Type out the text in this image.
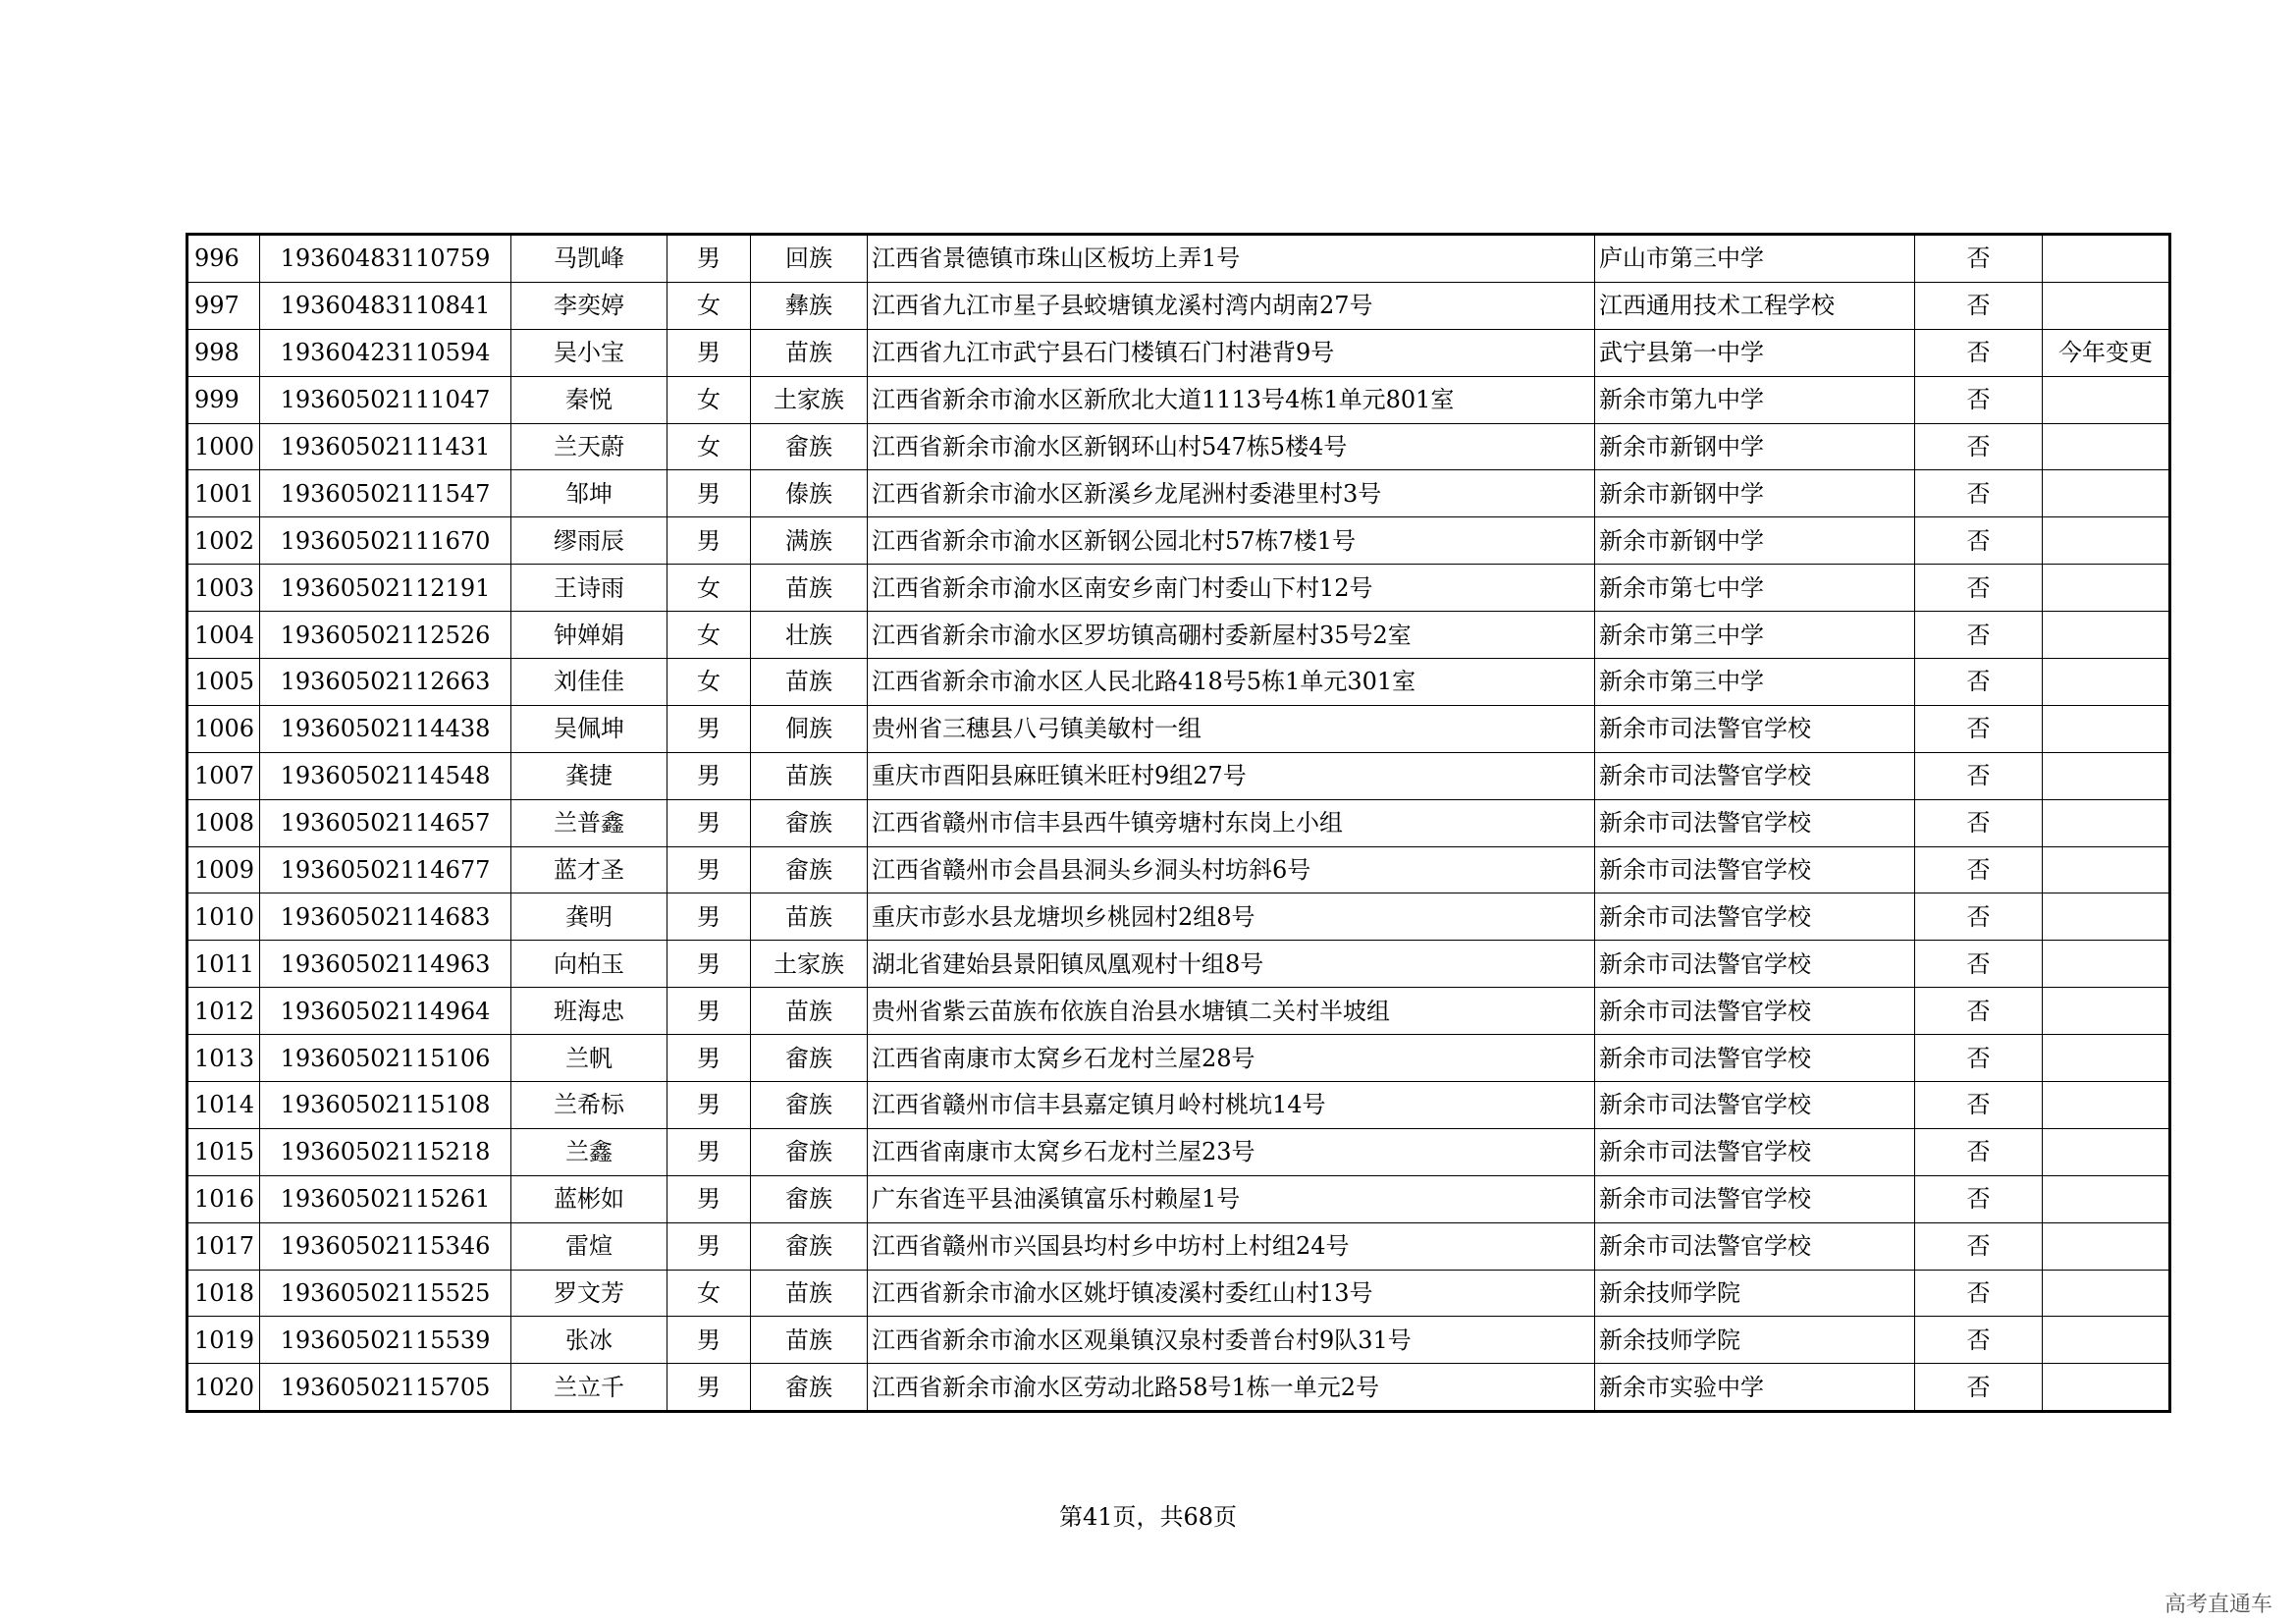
996	19360483110759	马凯峰	男	回族	江西省景德镇市珠山区板坊上弄1号	庐山市第三中学	否	
997	19360483110841	李奕婷	女	彝族	江西省九江市星子县蛟塘镇龙溪村湾内胡南27号	江西通用技术工程学校	否	
998	19360423110594	吴小宝	男	苗族	江西省九江市武宁县石门楼镇石门村港背9号	武宁县第一中学	否	今年变更
999	19360502111047	秦悦	女	土家族	江西省新余市渝水区新欣北大道1113号4栋1单元801室	新余市第九中学	否	
1000	19360502111431	兰天蔚	女	畲族	江西省新余市渝水区新钢环山村547栋5楼4号	新余市新钢中学	否	
1001	19360502111547	邹坤	男	傣族	江西省新余市渝水区新溪乡龙尾洲村委港里村3号	新余市新钢中学	否	
1002	19360502111670	缪雨辰	男	满族	江西省新余市渝水区新钢公园北村57栋7楼1号	新余市新钢中学	否	
1003	19360502112191	王诗雨	女	苗族	江西省新余市渝水区南安乡南门村委山下村12号	新余市第七中学	否	
1004	19360502112526	钟婵娟	女	壮族	江西省新余市渝水区罗坊镇高硼村委新屋村35号2室	新余市第三中学	否	
1005	19360502112663	刘佳佳	女	苗族	江西省新余市渝水区人民北路418号5栋1单元301室	新余市第三中学	否	
1006	19360502114438	吴佩坤	男	侗族	贵州省三穗县八弓镇美敏村一组	新余市司法警官学校	否	
1007	19360502114548	龚捷	男	苗族	重庆市酉阳县麻旺镇米旺村9组27号	新余市司法警官学校	否	
1008	19360502114657	兰普鑫	男	畲族	江西省赣州市信丰县西牛镇旁塘村东岗上小组	新余市司法警官学校	否	
1009	19360502114677	蓝才圣	男	畲族	江西省赣州市会昌县洞头乡洞头村坊斜6号	新余市司法警官学校	否	
1010	19360502114683	龚明	男	苗族	重庆市彭水县龙塘坝乡桃园村2组8号	新余市司法警官学校	否	
1011	19360502114963	向柏玉	男	土家族	湖北省建始县景阳镇凤凰观村十组8号	新余市司法警官学校	否	
1012	19360502114964	班海忠	男	苗族	贵州省紫云苗族布依族自治县水塘镇二关村半坡组	新余市司法警官学校	否	
1013	19360502115106	兰帆	男	畲族	江西省南康市太窝乡石龙村兰屋28号	新余市司法警官学校	否	
1014	19360502115108	兰希标	男	畲族	江西省赣州市信丰县嘉定镇月岭村桃坑14号	新余市司法警官学校	否	
1015	19360502115218	兰鑫	男	畲族	江西省南康市太窝乡石龙村兰屋23号	新余市司法警官学校	否	
1016	19360502115261	蓝彬如	男	畲族	广东省连平县油溪镇富乐村赖屋1号	新余市司法警官学校	否	
1017	19360502115346	雷煊	男	畲族	江西省赣州市兴国县均村乡中坊村上村组24号	新余市司法警官学校	否	
1018	19360502115525	罗文芳	女	苗族	江西省新余市渝水区姚圩镇凌溪村委红山村13号	新余技师学院	否	
1019	19360502115539	张冰	男	苗族	江西省新余市渝水区观巢镇汉泉村委普台村9队31号	新余技师学院	否	
1020	19360502115705	兰立千	男	畲族	江西省新余市渝水区劳动北路58号1栋一单元2号	新余市实验中学	否	
第41页，共68页
高考直通车
